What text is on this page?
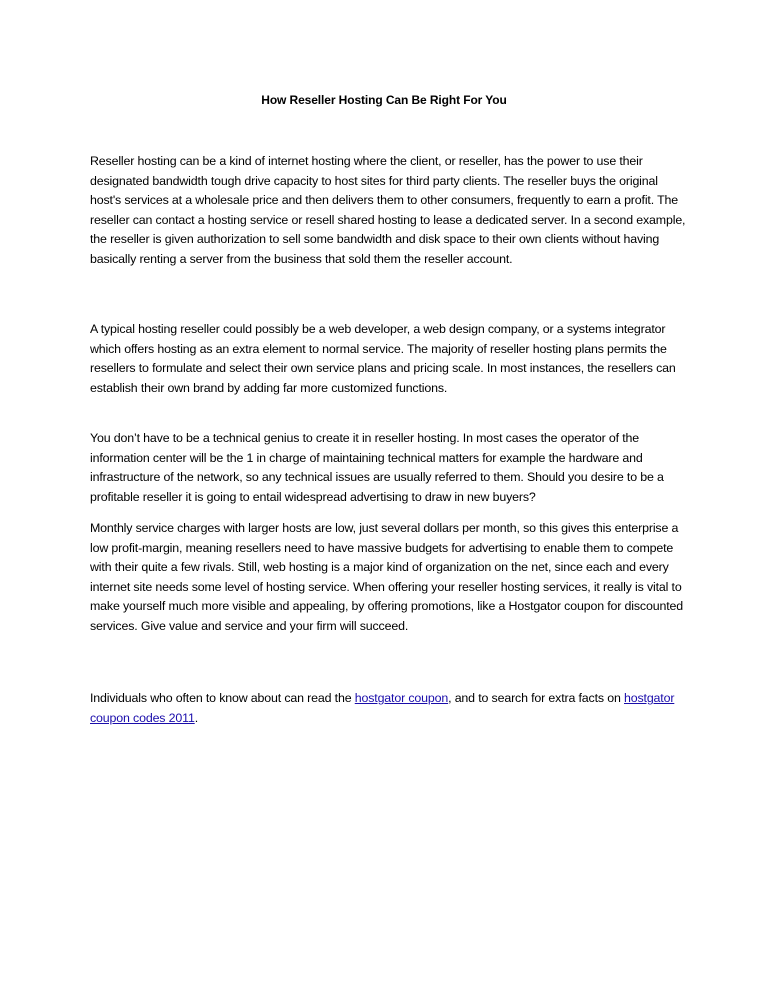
How Reseller Hosting Can Be Right For You

Reseller hosting can be a kind of internet hosting where the client, or reseller, has the power to use their designated bandwidth tough drive capacity to host sites for third party clients. The reseller buys the original host's services at a wholesale price and then delivers them to other consumers, frequently to earn a profit. The reseller can contact a hosting service or resell shared hosting to lease a dedicated server. In a second example, the reseller is given authorization to sell some bandwidth and disk space to their own clients without having basically renting a server from the business that sold them the reseller account.

A typical hosting reseller could possibly be a web developer, a web design company, or a systems integrator which offers hosting as an extra element to normal service. The majority of reseller hosting plans permits the resellers to formulate and select their own service plans and pricing scale. In most instances, the resellers can establish their own brand by adding far more customized functions.

You don’t have to be a technical genius to create it in reseller hosting. In most cases the operator of the information center will be the 1 in charge of maintaining technical matters for example the hardware and infrastructure of the network, so any technical issues are usually referred to them. Should you desire to be a profitable reseller it is going to entail widespread advertising to draw in new buyers?

Monthly service charges with larger hosts are low, just several dollars per month, so this gives this enterprise a low profit-margin, meaning resellers need to have massive budgets for advertising to enable them to compete with their quite a few rivals. Still, web hosting is a major kind of organization on the net, since each and every internet site needs some level of hosting service. When offering your reseller hosting services, it really is vital to make yourself much more visible and appealing, by offering promotions, like a Hostgator coupon for discounted services. Give value and service and your firm will succeed.

Individuals who often to know about can read the hostgator coupon, and to search for extra facts on hostgator coupon codes 2011.
